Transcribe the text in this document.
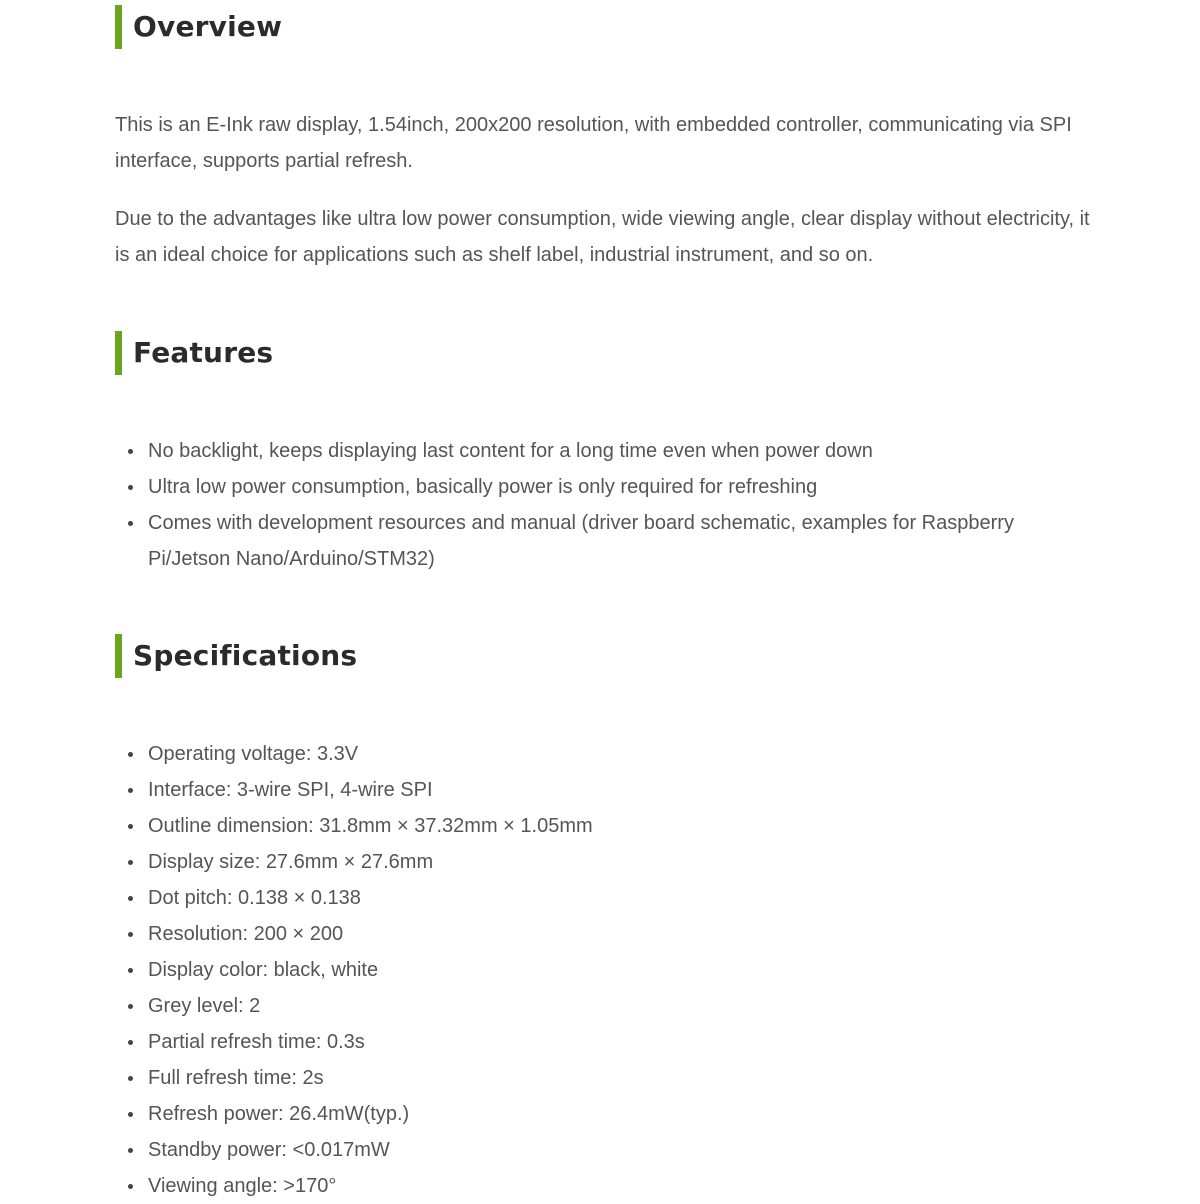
Overview

This is an E-Ink raw display, 1.54inch, 200x200 resolution, with embedded controller, communicating via SPI interface, supports partial refresh.

Due to the advantages like ultra low power consumption, wide viewing angle, clear display without electricity, it is an ideal choice for applications such as shelf label, industrial instrument, and so on.

Features
No backlight, keeps displaying last content for a long time even when power down
Ultra low power consumption, basically power is only required for refreshing
Comes with development resources and manual (driver board schematic, examples for Raspberry Pi/Jetson Nano/Arduino/STM32)
Specifications
Operating voltage: 3.3V
Interface: 3-wire SPI, 4-wire SPI
Outline dimension: 31.8mm × 37.32mm × 1.05mm
Display size: 27.6mm × 27.6mm
Dot pitch: 0.138 × 0.138
Resolution: 200 × 200
Display color: black, white
Grey level: 2
Partial refresh time: 0.3s
Full refresh time: 2s
Refresh power: 26.4mW(typ.)
Standby power: <0.017mW
Viewing angle: >170°
